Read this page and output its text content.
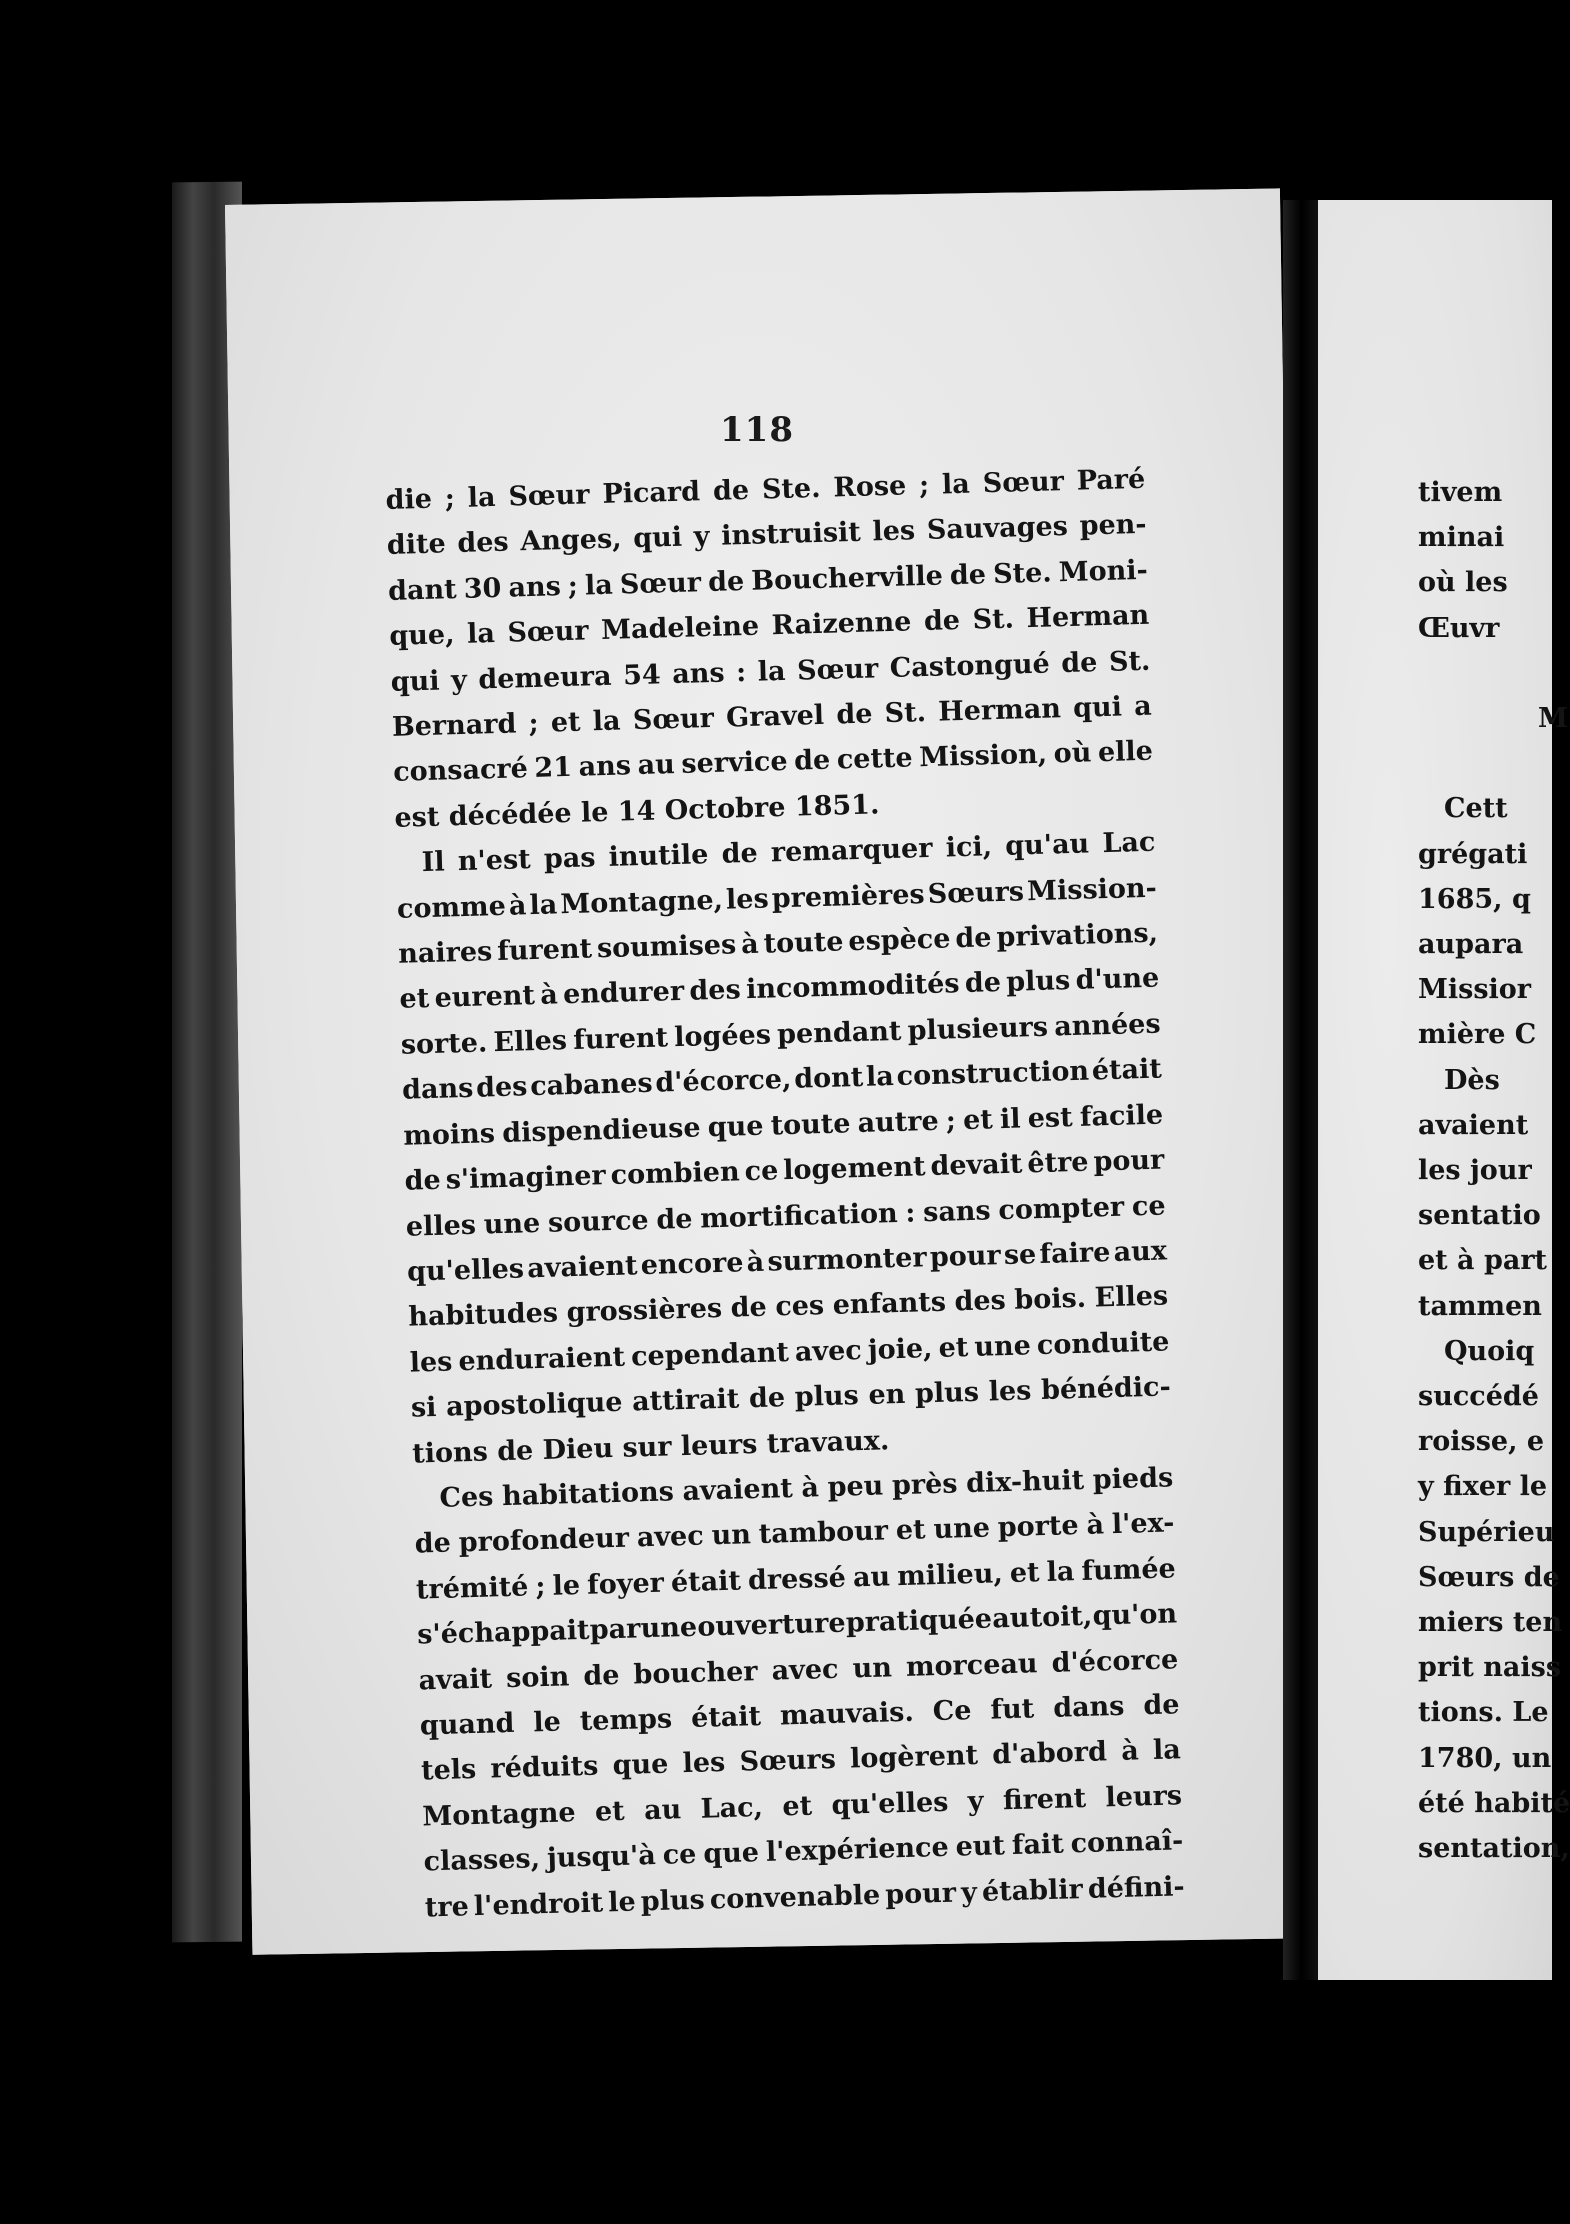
118
die ; la Sœur Picard de Ste. Rose ; la Sœur Paré
dite des Anges, qui y instruisit les Sauvages pen-
dant 30 ans ; la Sœur de Boucherville de Ste. Moni-
que, la Sœur Madeleine Raizenne de St. Herman
qui y demeura 54 ans : la Sœur Castongué de St.
Bernard ; et la Sœur Gravel de St. Herman qui a
consacré 21 ans au service de cette Mission, où elle
est décédée le 14 Octobre 1851.
Il n'est pas inutile de remarquer ici, qu'au Lac
comme à la Montagne, les premières Sœurs Mission-
naires furent soumises à toute espèce de privations,
et eurent à endurer des incommodités de plus d'une
sorte. Elles furent logées pendant plusieurs années
dans des cabanes d'écorce, dont la construction était
moins dispendieuse que toute autre ; et il est facile
de s'imaginer combien ce logement devait être pour
elles une source de mortification : sans compter ce
qu'elles avaient encore à surmonter pour se faire aux
habitudes grossières de ces enfants des bois. Elles
les enduraient cependant avec joie, et une conduite
si apostolique attirait de plus en plus les bénédic-
tions de Dieu sur leurs travaux.
Ces habitations avaient à peu près dix-huit pieds
de profondeur avec un tambour et une porte à l'ex-
trémité ; le foyer était dressé au milieu, et la fumée
s'échappait par une ouverture pratiquée au toit, qu'on
avait soin de boucher avec un morceau d'écorce
quand le temps était mauvais. Ce fut dans de
tels réduits que les Sœurs logèrent d'abord à la
Montagne et au Lac, et qu'elles y firent leurs
classes, jusqu'à ce que l'expérience eut fait connaî-
tre l'endroit le plus convenable pour y établir défini-
tivem
minai
où les
Œuvr

M

Cett
grégati
1685, q
aupara
Missior
mière C
Dès
avaient
les jour
sentatio
et à part
tammen
Quoiq
succédé
roisse, e
y fixer le
Supérieu
Sœurs de
miers ten
prit naiss
tions. Le
1780, un
été habité
sentation,
